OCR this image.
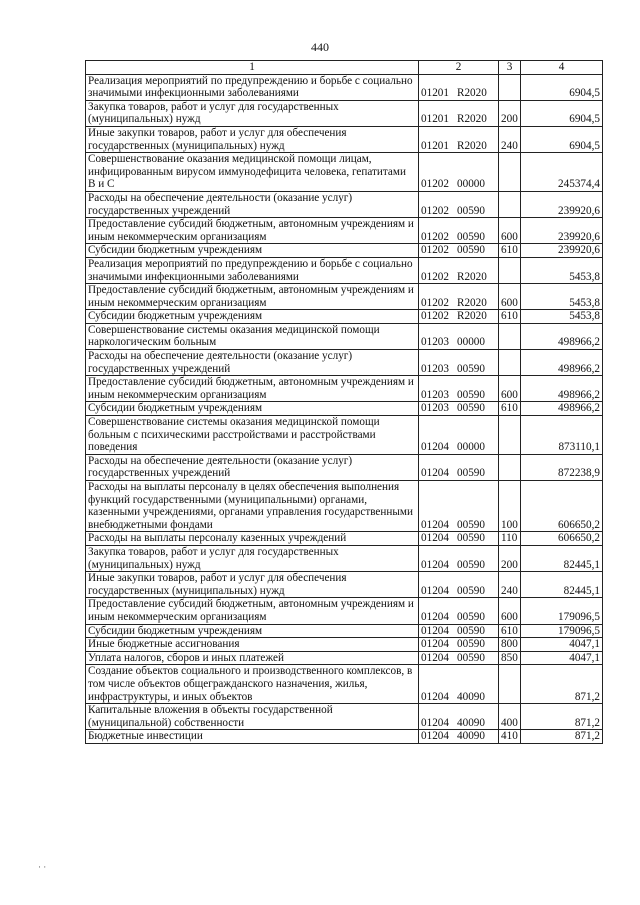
440
1	2	3	4
Реализация мероприятий по предупреждению и борьбе с социально значимыми инфекционными заболеваниями	01201 R2020		6904,5
Закупка товаров, работ и услуг для государственных (муниципальных) нужд	01201 R2020	200	6904,5
Иные закупки товаров, работ и услуг для обеспечения государственных (муниципальных) нужд	01201 R2020	240	6904,5
Совершенствование оказания медицинской помощи лицам, инфицированным вирусом иммунодефицита человека, гепатитами В и С	01202 00000		245374,4
Расходы на обеспечение деятельности (оказание услуг) государственных учреждений	01202 00590		239920,6
Предоставление субсидий бюджетным, автономным учреждениям и иным некоммерческим организациям	01202 00590	600	239920,6
Субсидии бюджетным учреждениям	01202 00590	610	239920,6
Реализация мероприятий по предупреждению и борьбе с социально значимыми инфекционными заболеваниями	01202 R2020		5453,8
Предоставление субсидий бюджетным, автономным учреждениям и иным некоммерческим организациям	01202 R2020	600	5453,8
Субсидии бюджетным учреждениям	01202 R2020	610	5453,8
Совершенствование системы оказания медицинской помощи наркологическим больным	01203 00000		498966,2
Расходы на обеспечение деятельности (оказание услуг) государственных учреждений	01203 00590		498966,2
Предоставление субсидий бюджетным, автономным учреждениям и иным некоммерческим организациям	01203 00590	600	498966,2
Субсидии бюджетным учреждениям	01203 00590	610	498966,2
Совершенствование системы оказания медицинской помощи больным с психическими расстройствами и расстройствами поведения	01204 00000		873110,1
Расходы на обеспечение деятельности (оказание услуг) государственных учреждений	01204 00590		872238,9
Расходы на выплаты персоналу в целях обеспечения выполнения функций государственными (муниципальными) органами, казенными учреждениями, органами управления государственными внебюджетными фондами	01204 00590	100	606650,2
Расходы на выплаты персоналу казенных учреждений	01204 00590	110	606650,2
Закупка товаров, работ и услуг для государственных (муниципальных) нужд	01204 00590	200	82445,1
Иные закупки товаров, работ и услуг для обеспечения государственных (муниципальных) нужд	01204 00590	240	82445,1
Предоставление субсидий бюджетным, автономным учреждениям и иным некоммерческим организациям	01204 00590	600	179096,5
Субсидии бюджетным учреждениям	01204 00590	610	179096,5
Иные бюджетные ассигнования	01204 00590	800	4047,1
Уплата налогов, сборов и иных платежей	01204 00590	850	4047,1
Создание объектов социального и производственного комплексов, в том числе объектов общегражданского назначения, жилья, инфраструктуры, и иных объектов	01204 40090		871,2
Капитальные вложения в объекты государственной (муниципальной) собственности	01204 40090	400	871,2
Бюджетные инвестиции	01204 40090	410	871,2
· ·
